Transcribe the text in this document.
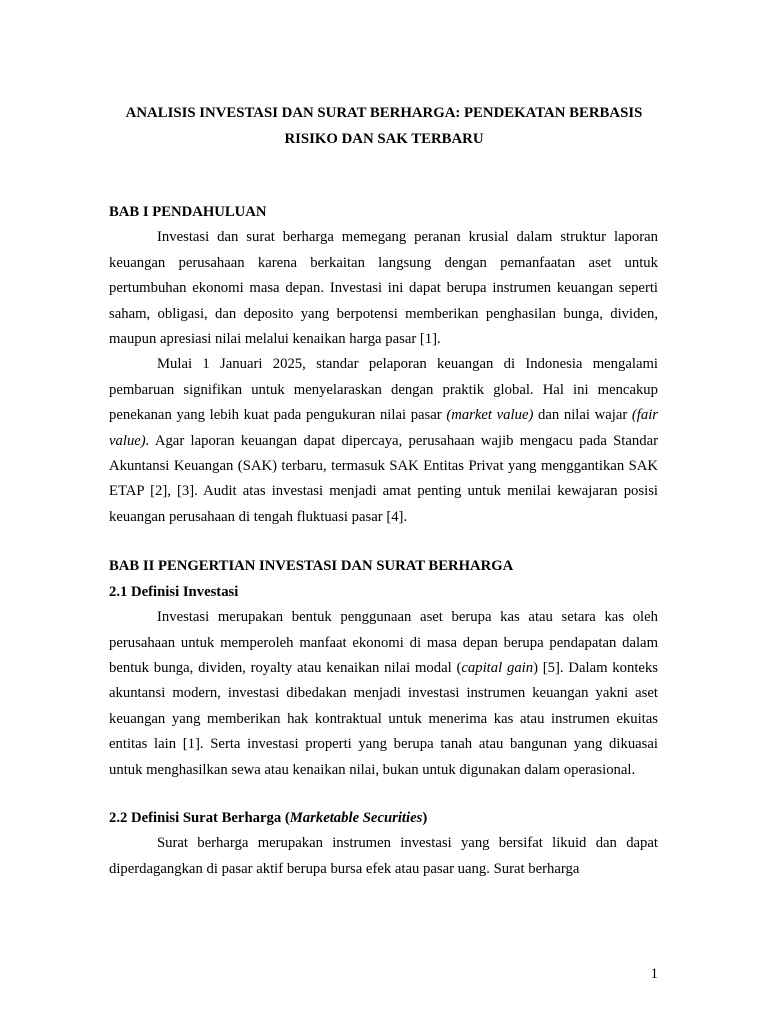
ANALISIS INVESTASI DAN SURAT BERHARGA: PENDEKATAN BERBASIS
RISIKO DAN SAK TERBARU
BAB I PENDAHULUAN

Investasi dan surat berharga memegang peranan krusial dalam struktur laporan keuangan perusahaan karena berkaitan langsung dengan pemanfaatan aset untuk pertumbuhan ekonomi masa depan. Investasi ini dapat berupa instrumen keuangan seperti saham, obligasi, dan deposito yang berpotensi memberikan penghasilan bunga, dividen, maupun apresiasi nilai melalui kenaikan harga pasar [1].

Mulai 1 Januari 2025, standar pelaporan keuangan di Indonesia mengalami pembaruan signifikan untuk menyelaraskan dengan praktik global. Hal ini mencakup penekanan yang lebih kuat pada pengukuran nilai pasar (market value) dan nilai wajar (fair value). Agar laporan keuangan dapat dipercaya, perusahaan wajib mengacu pada Standar Akuntansi Keuangan (SAK) terbaru, termasuk SAK Entitas Privat yang menggantikan SAK ETAP [2], [3]. Audit atas investasi menjadi amat penting untuk menilai kewajaran posisi keuangan perusahaan di tengah fluktuasi pasar [4].

BAB II PENGERTIAN INVESTASI DAN SURAT BERHARGA
2.1 Definisi Investasi

Investasi merupakan bentuk penggunaan aset berupa kas atau setara kas oleh perusahaan untuk memperoleh manfaat ekonomi di masa depan berupa pendapatan dalam bentuk bunga, dividen, royalty atau kenaikan nilai modal (capital gain) [5]. Dalam konteks akuntansi modern, investasi dibedakan menjadi investasi instrumen keuangan yakni aset keuangan yang memberikan hak kontraktual untuk menerima kas atau instrumen ekuitas entitas lain [1]. Serta investasi properti yang berupa tanah atau bangunan yang dikuasai untuk menghasilkan sewa atau kenaikan nilai, bukan untuk digunakan dalam operasional.

2.2 Definisi Surat Berharga (Marketable Securities)

Surat berharga merupakan instrumen investasi yang bersifat likuid dan dapat diperdagangkan di pasar aktif berupa bursa efek atau pasar uang. Surat berharga

1
